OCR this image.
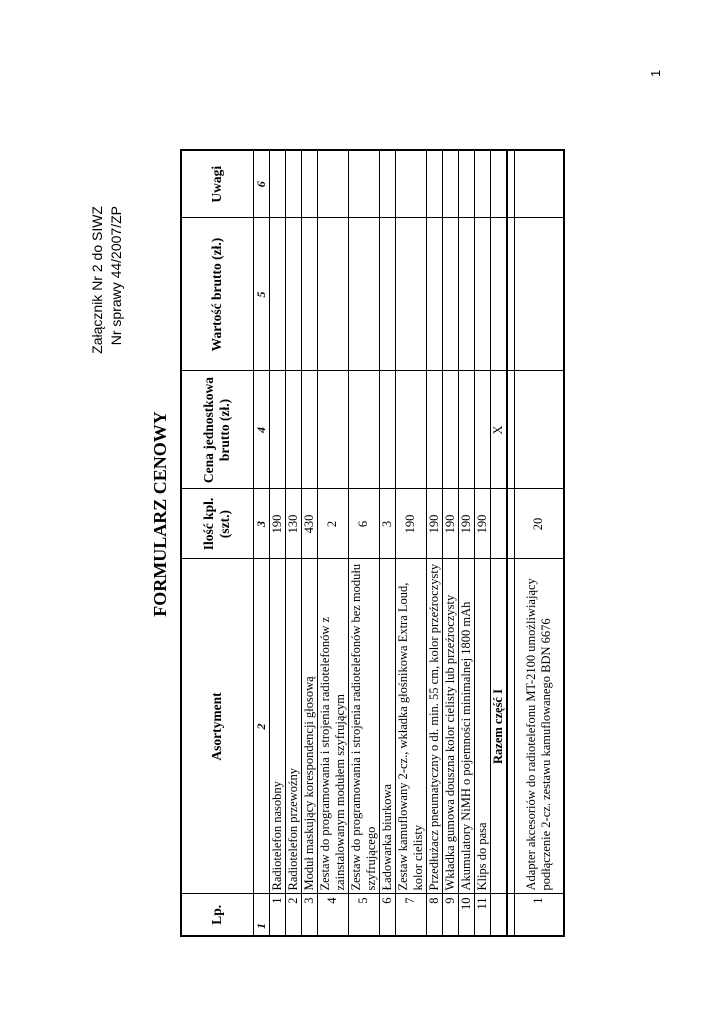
1
Załącznik Nr 2 do SIWZ Nr sprawy 44/2007/ZP
FORMULARZ CENOWY
Lp.	Asortyment	Ilość kpl. (szt.)	Cena jednostkowa brutto (zł.)	Wartość brutto (zł.)	Uwagi
1	2	3	4	5	6
1	Radiotelefon nasobny	190			
2	Radiotelefon przewoźny	130			
3	Moduł maskujący korespondencji głosową	430			
4	Zestaw do programowania i strojenia radiotelefonów z zainstalowanym modułem szyfrującym	2			
5	Zestaw do programowania i strojenia radiotelefonów bez modułu szyfrującego	6			
6	Ładowarka biurkowa	3			
7	Zestaw kamuflowany 2-cz., wkładka głośnikowa Extra Loud, kolor cielisty	190			
8	Przedłużacz pneumatyczny o dł. min. 55 cm, kolor przeźroczysty	190			
9	Wkładka gumowa douszna kolor cielisty lub przeźroczysty	190			
10	Akumulatory NiMH o pojemności minimalnej 1800 mAh	190			
11	Klips do pasa	190			
	Razem część I		X		

1	Adapter akcesoriów do radiotelefonu MT-2100 umożliwiający podłączenie 2-cz. zestawu kamuflowanego BDN 6676	20			
